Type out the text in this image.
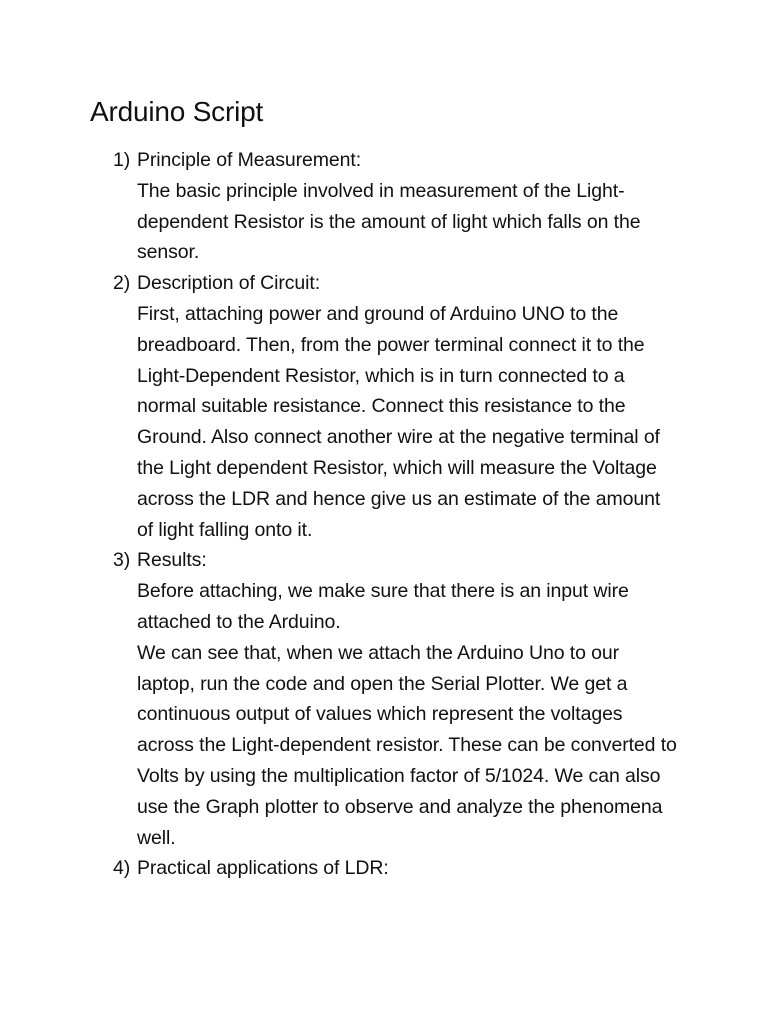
Arduino Script
1) Principle of Measurement:
The basic principle involved in measurement of the Light-dependent Resistor is the amount of light which falls on the sensor.
2) Description of Circuit:
First, attaching power and ground of Arduino UNO to the breadboard. Then, from the power terminal connect it to the Light-Dependent Resistor, which is in turn connected to a normal suitable resistance. Connect this resistance to the Ground. Also connect another wire at the negative terminal of the Light dependent Resistor, which will measure the Voltage across the LDR and hence give us an estimate of the amount of light falling onto it.
3) Results:
Before attaching, we make sure that there is an input wire attached to the Arduino.
We can see that, when we attach the Arduino Uno to our laptop, run the code and open the Serial Plotter. We get a continuous output of values which represent the voltages across the Light-dependent resistor. These can be converted to Volts by using the multiplication factor of 5/1024. We can also use the Graph plotter to observe and analyze the phenomena well.
4) Practical applications of LDR:
